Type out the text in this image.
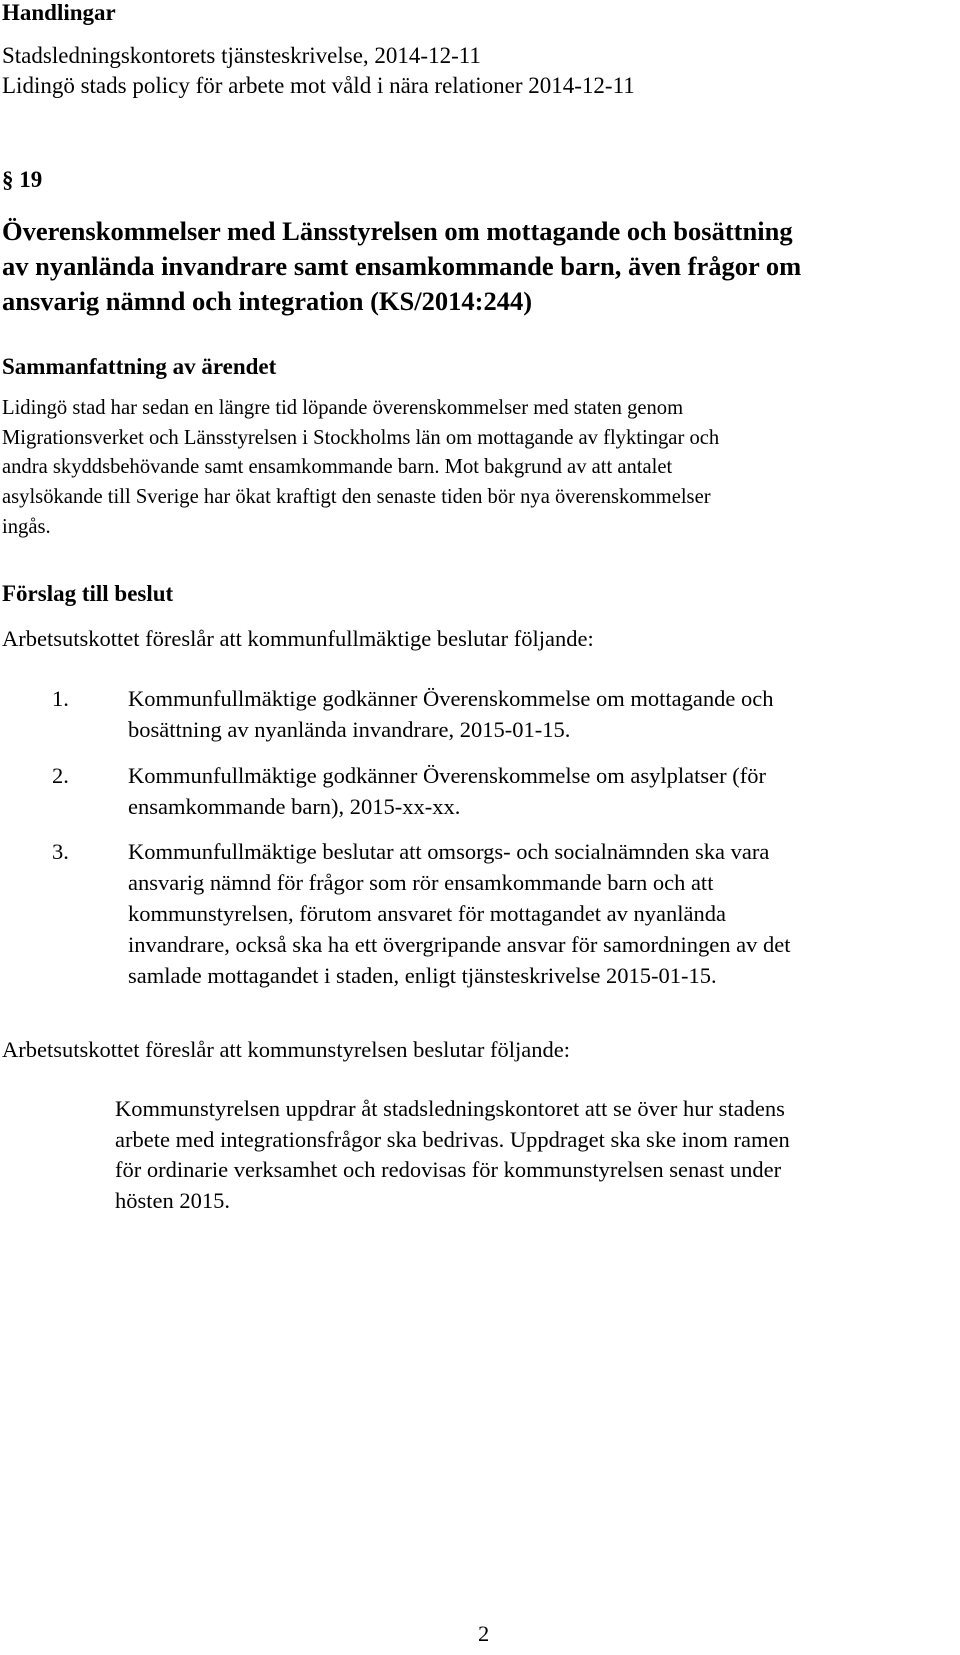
Handlingar
Stadsledningskontorets tjänsteskrivelse, 2014-12-11
Lidingö stads policy för arbete mot våld i nära relationer 2014-12-11
§ 19
Överenskommelser med Länsstyrelsen om mottagande och bosättning
av nyanlända invandrare samt ensamkommande barn, även frågor om
ansvarig nämnd och integration (KS/2014:244)
Sammanfattning av ärendet
Lidingö stad har sedan en längre tid löpande överenskommelser med staten genom
Migrationsverket och Länsstyrelsen i Stockholms län om mottagande av flyktingar och
andra skyddsbehövande samt ensamkommande barn. Mot bakgrund av att antalet
asylsökande till Sverige har ökat kraftigt den senaste tiden bör nya överenskommelser
ingås.
Förslag till beslut
Arbetsutskottet föreslår att kommunfullmäktige beslutar följande:
1.	Kommunfullmäktige godkänner Överenskommelse om mottagande och
bosättning av nyanlända invandrare, 2015-01-15.
2.	Kommunfullmäktige godkänner Överenskommelse om asylplatser (för
ensamkommande barn), 2015-xx-xx.
3.	Kommunfullmäktige beslutar att omsorgs- och socialnämnden ska vara
ansvarig nämnd för frågor som rör ensamkommande barn och att
kommunstyrelsen, förutom ansvaret för mottagandet av nyanlända
invandrare, också ska ha ett övergripande ansvar för samordningen av det
samlade mottagandet i staden, enligt tjänsteskrivelse 2015-01-15.
Arbetsutskottet föreslår att kommunstyrelsen beslutar följande:
Kommunstyrelsen uppdrar åt stadsledningskontoret att se över hur stadens
arbete med integrationsfrågor ska bedrivas. Uppdraget ska ske inom ramen
för ordinarie verksamhet och redovisas för kommunstyrelsen senast under
hösten 2015.
2
